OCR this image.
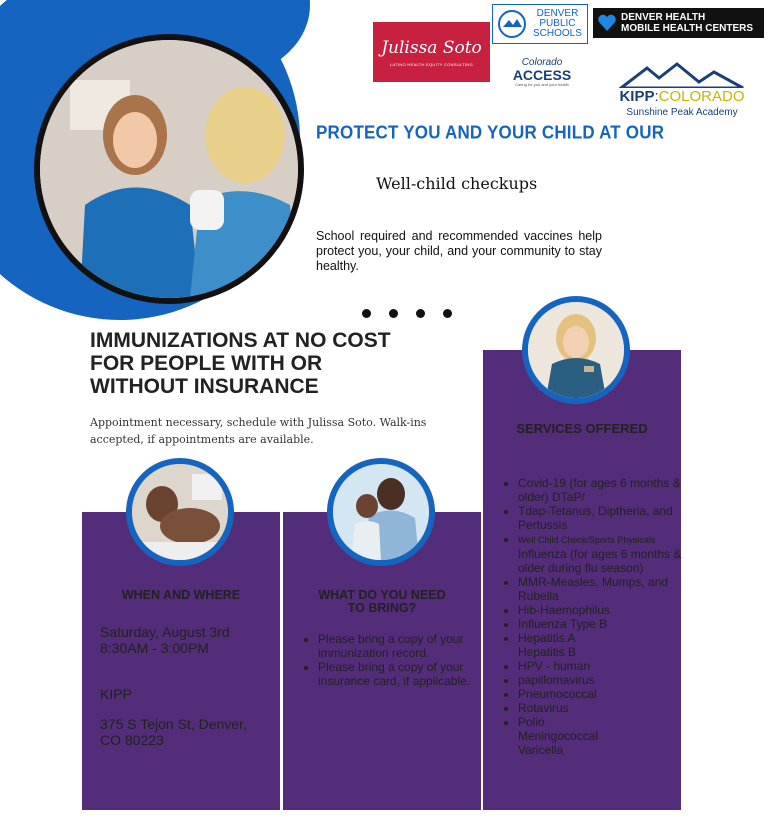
Julissa Soto
LATINO HEALTH EQUITY CONSULTING
DENVER
PUBLIC
SCHOOLS
DENVER HEALTH
MOBILE HEALTH CENTERS
Colorado
ACCESS
Caring for you and your health
KIPP:COLORADO
Sunshine Peak Academy
PROTECT YOU AND YOUR CHILD AT OUR
Well-child checkups
School required and recommended vaccines help protect you, your child, and your community to stay healthy.
IMMUNIZATIONS AT NO COST
FOR PEOPLE WITH OR
WITHOUT INSURANCE
Appointment necessary, schedule with Julissa Soto. Walk-ins accepted, if appointments are available.
SERVICES OFFERED
• Covid-19 (for ages 6 months & older) DTaP/
• Tdap-Tetanus, Diptheria, and Pertussis
• Well Child Check/Sports Physicals
Influenza (for ages 6 months & older during flu season)
• MMR-Measles, Mumps, and Rubella
• Hib-Haemophilus
• Influenza Type B
• Hepatitis A
Hepatitis B
• HPV - human
• papillomavirus
• Pneumococcal
• Rotavirus
• Polio
Meningococcal
Varicella
WHEN AND WHERE

Saturday, August 3rd

8:30AM - 3:00PM

KIPP

375 S Tejon St, Denver,

CO 80223

WHAT DO YOU NEED
TO BRING?
• Please bring a copy of your immunization record.
• Please bring a copy of your insurance card, if applicable.
